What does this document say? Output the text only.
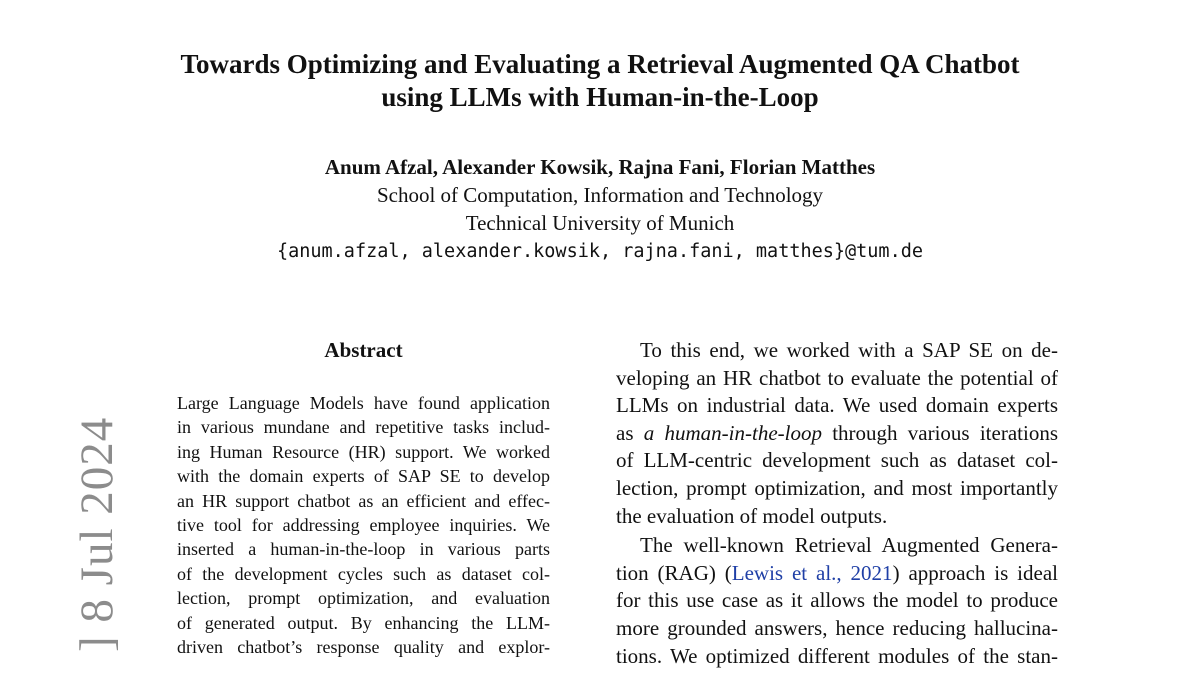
] 8 Jul 2024
Towards Optimizing and Evaluating a Retrieval Augmented QA Chatbot
using LLMs with Human-in-the-Loop
Anum Afzal, Alexander Kowsik, Rajna Fani, Florian Matthes
School of Computation, Information and Technology
Technical University of Munich
{anum.afzal, alexander.kowsik, rajna.fani, matthes}@tum.de
Abstract
Large Language Models have found application
in various mundane and repetitive tasks includ-
ing Human Resource (HR) support. We worked
with the domain experts of SAP SE to develop
an HR support chatbot as an efficient and effec-
tive tool for addressing employee inquiries. We
inserted a human-in-the-loop in various parts
of the development cycles such as dataset col-
lection, prompt optimization, and evaluation
of generated output. By enhancing the LLM-
driven chatbot’s response quality and explor-
To this end, we worked with a SAP SE on de-
veloping an HR chatbot to evaluate the potential of
LLMs on industrial data. We used domain experts
as a human-in-the-loop through various iterations
of LLM-centric development such as dataset col-
lection, prompt optimization, and most importantly
the evaluation of model outputs.
The well-known Retrieval Augmented Genera-
tion (RAG) (Lewis et al., 2021) approach is ideal
for this use case as it allows the model to produce
more grounded answers, hence reducing hallucina-
tions. We optimized different modules of the stan-
